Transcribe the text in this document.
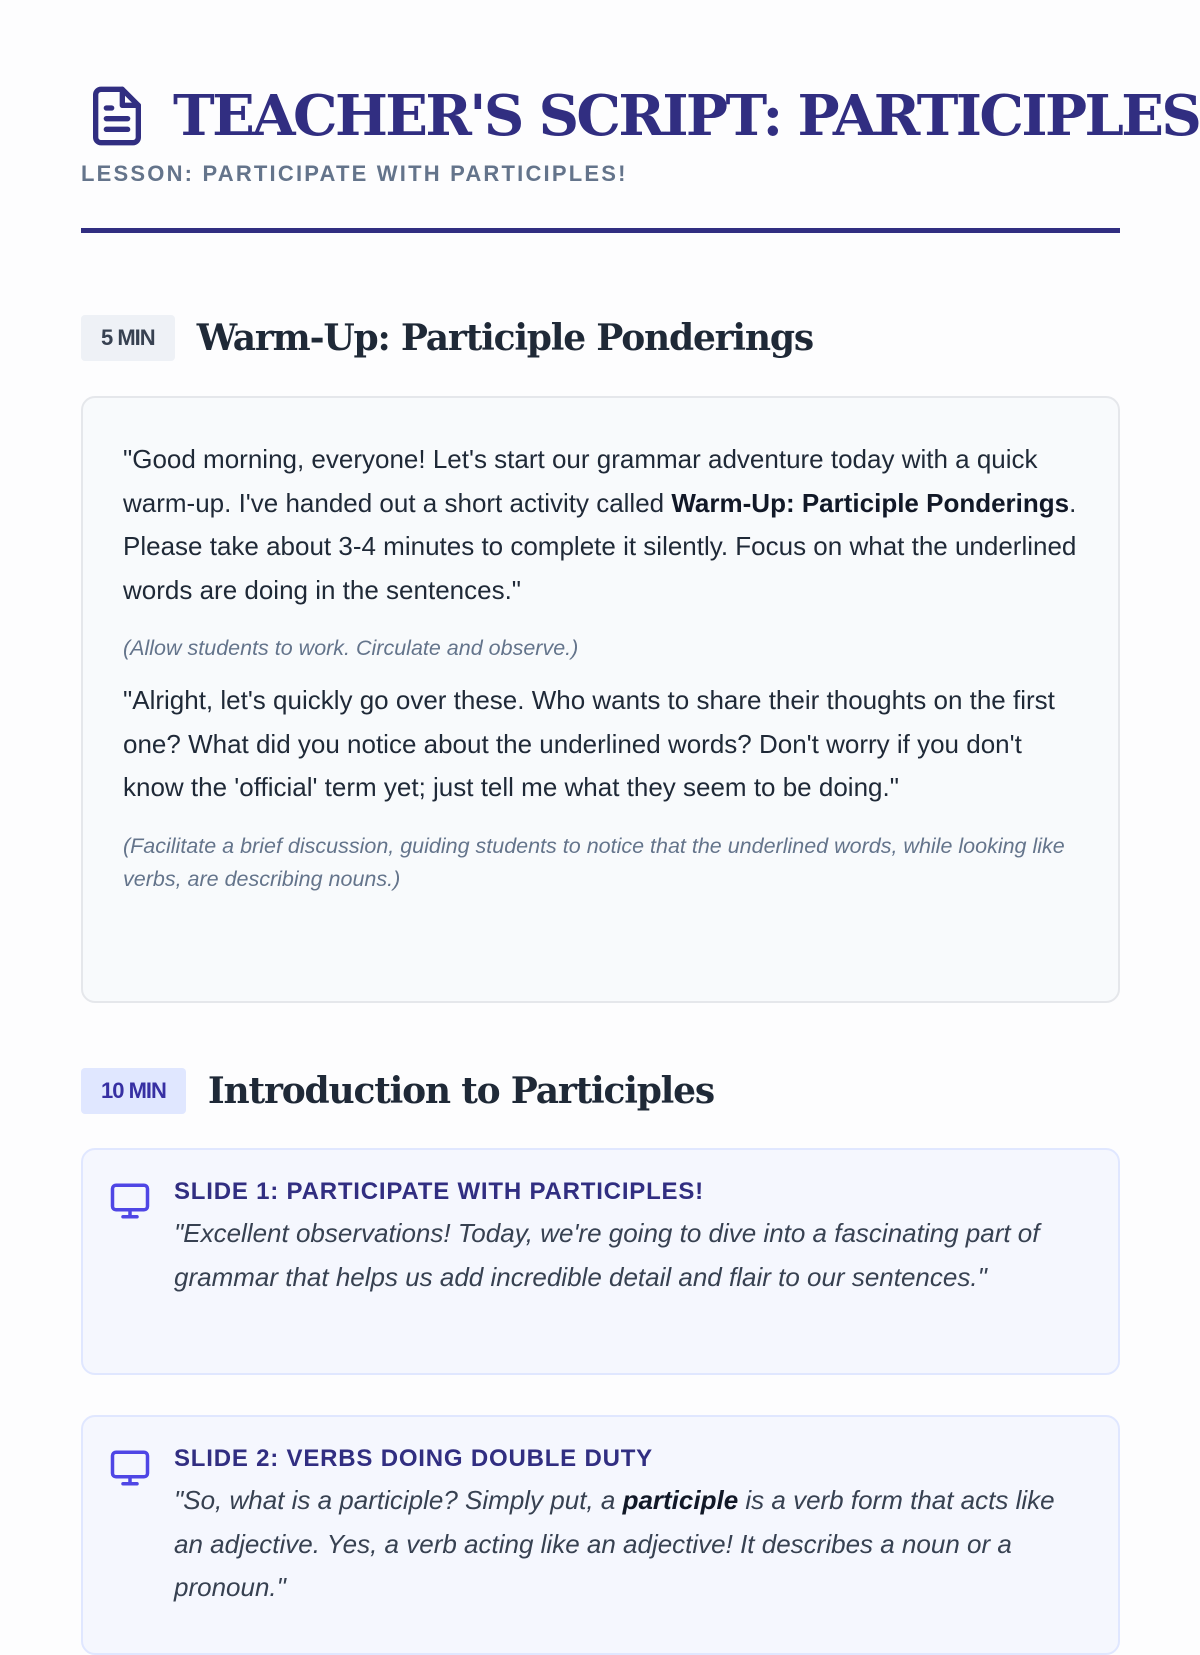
TEACHER'S SCRIPT: PARTICIPLES
LESSON: PARTICIPATE WITH PARTICIPLES!
5 MIN	Warm-Up: Participle Ponderings

"Good morning, everyone! Let's start our grammar adventure today with a quick warm-up. I've handed out a short activity called Warm-Up: Participle Ponderings. Please take about 3-4 minutes to complete it silently. Focus on what the underlined words are doing in the sentences."

(Allow students to work. Circulate and observe.)

"Alright, let's quickly go over these. Who wants to share their thoughts on the first one? What did you notice about the underlined words? Don't worry if you don't know the 'official' term yet; just tell me what they seem to be doing."

(Facilitate a brief discussion, guiding students to notice that the underlined words, while looking like verbs, are describing nouns.)

10 MIN	Introduction to Participles
SLIDE 1: PARTICIPATE WITH PARTICIPLES!

"Excellent observations! Today, we're going to dive into a fascinating part of grammar that helps us add incredible detail and flair to our sentences."

SLIDE 2: VERBS DOING DOUBLE DUTY

"So, what is a participle? Simply put, a participle is a verb form that acts like an adjective. Yes, a verb acting like an adjective! It describes a noun or a pronoun."
